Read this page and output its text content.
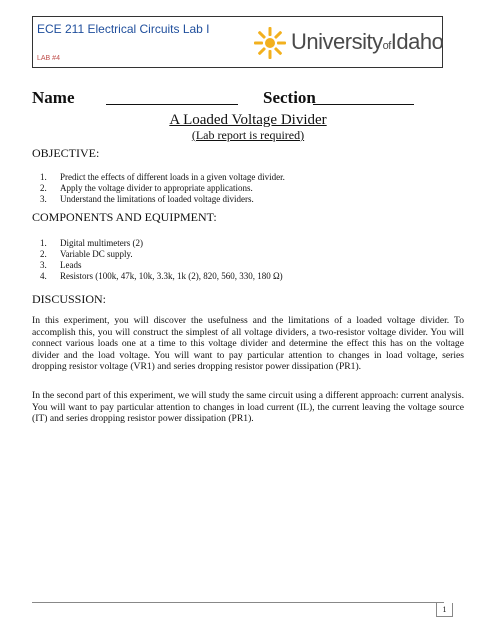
ECE 211 Electrical Circuits Lab I
LAB #4
UniversityofIdaho
Name	Section
A Loaded Voltage Divider
(Lab report is required)
OBJECTIVE:
1. Predict the effects of different loads in a given voltage divider.
2. Apply the voltage divider to appropriate applications.
3. Understand the limitations of loaded voltage dividers.
COMPONENTS AND EQUIPMENT:
1. Digital multimeters (2)
2. Variable DC supply.
3. Leads
4. Resistors (100k, 47k, 10k, 3.3k, 1k (2), 820, 560, 330, 180 Ω)
DISCUSSION:

In this experiment, you will discover the usefulness and the limitations of a loaded voltage divider. To accomplish this, you will construct the simplest of all voltage dividers, a two-resistor voltage divider. You will connect various loads one at a time to this voltage divider and determine the effect this has on the voltage divider and the load voltage. You will want to pay particular attention to changes in load voltage, series dropping resistor voltage (VR1) and series dropping resistor power dissipation (PR1).

In the second part of this experiment, we will study the same circuit using a different approach: current analysis. You will want to pay particular attention to changes in load current (IL), the current leaving the voltage source (IT) and series dropping resistor power dissipation (PR1).

1
